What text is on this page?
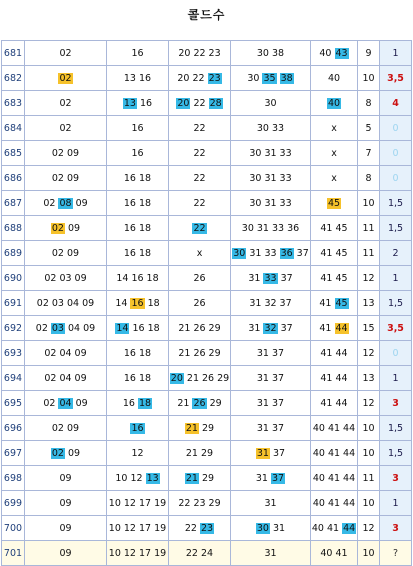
콜드수
681	02	16	20 22 23	30 38	40 43	9	1
682	02	13 16	20 22 23	30 35 38	40	10	3,5
683	02	13 16	20 22 28	30	40	8	4
684	02	16	22	30 33	x	5	0
685	02 09	16	22	30 31 33	x	7	0
686	02 09	16 18	22	30 31 33	x	8	0
687	02 08 09	16 18	22	30 31 33	45	10	1,5
688	02 09	16 18	22	30 31 33 36	41 45	11	1,5
689	02 09	16 18	x	30 31 33 36 37	41 45	11	2
690	02 03 09	14 16 18	26	31 33 37	41 45	12	1
691	02 03 04 09	14 16 18	26	31 32 37	41 45	13	1,5
692	02 03 04 09	14 16 18	21 26 29	31 32 37	41 44	15	3,5
693	02 04 09	16 18	21 26 29	31 37	41 44	12	0
694	02 04 09	16 18	20 21 26 29	31 37	41 44	13	1
695	02 04 09	16 18	21 26 29	31 37	41 44	12	3
696	02 09	16	21 29	31 37	40 41 44	10	1,5
697	02 09	12	21 29	31 37	40 41 44	10	1,5
698	09	10 12 13	21 29	31 37	40 41 44	11	3
699	09	10 12 17 19	22 23 29	31	40 41 44	10	1
700	09	10 12 17 19	22 23	30 31	40 41 44	12	3
701	09	10 12 17 19	22 24	31	40 41	10	?
